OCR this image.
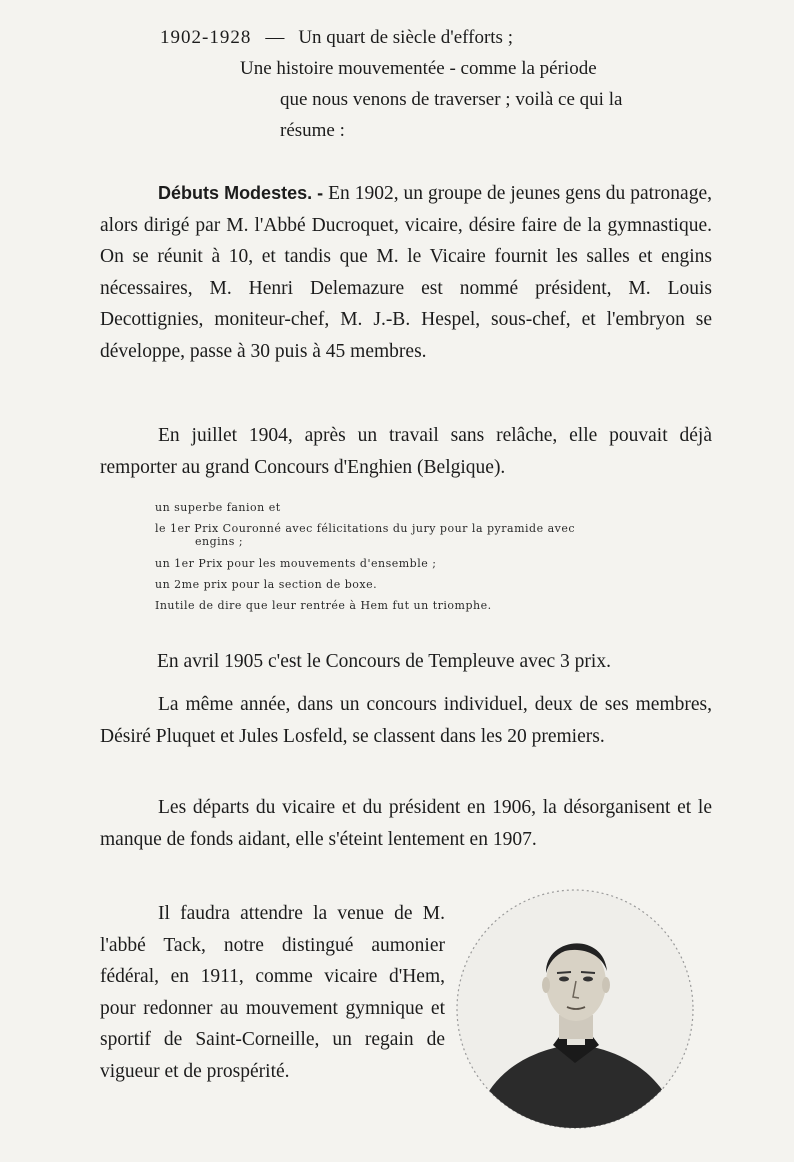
1902-1928 — Un quart de siècle d'efforts ;
Une histoire mouvementée - comme la période
que nous venons de traverser ; voilà ce qui la
résume :

Débuts Modestes. - En 1902, un groupe de jeunes gens du patronage, alors dirigé par M. l'Abbé Ducroquet, vicaire, désire faire de la gymnastique. On se réunit à 10, et tandis que M. le Vicaire fournit les salles et engins nécessaires, M. Henri Delemazure est nommé président, M. Louis Decottignies, moniteur-chef, M. J.-B. Hespel, sous-chef, et l'embryon se développe, passe à 30 puis à 45 membres.

En juillet 1904, après un travail sans relâche, elle pouvait déjà remporter au grand Concours d'Enghien (Belgique).

un superbe fanion et
le 1er Prix Couronné avec félicitations du jury pour la pyramide avec
engins ;
un 1er Prix pour les mouvements d'ensemble ;
un 2me prix pour la section de boxe.
Inutile de dire que leur rentrée à Hem fut un triomphe.

En avril 1905 c'est le Concours de Templeuve avec 3 prix.

La même année, dans un concours individuel, deux de ses membres, Désiré Pluquet et Jules Losfeld, se classent dans les 20 premiers.

Les départs du vicaire et du président en 1906, la désorganisent et le manque de fonds aidant, elle s'éteint lentement en 1907.

Il faudra attendre la venue de M. l'abbé Tack, notre distingué aumonier fédéral, en 1911, comme vicaire d'Hem, pour redonner au mouvement gymnique et sportif de Saint-Corneille, un regain de vigueur et de prospérité.
